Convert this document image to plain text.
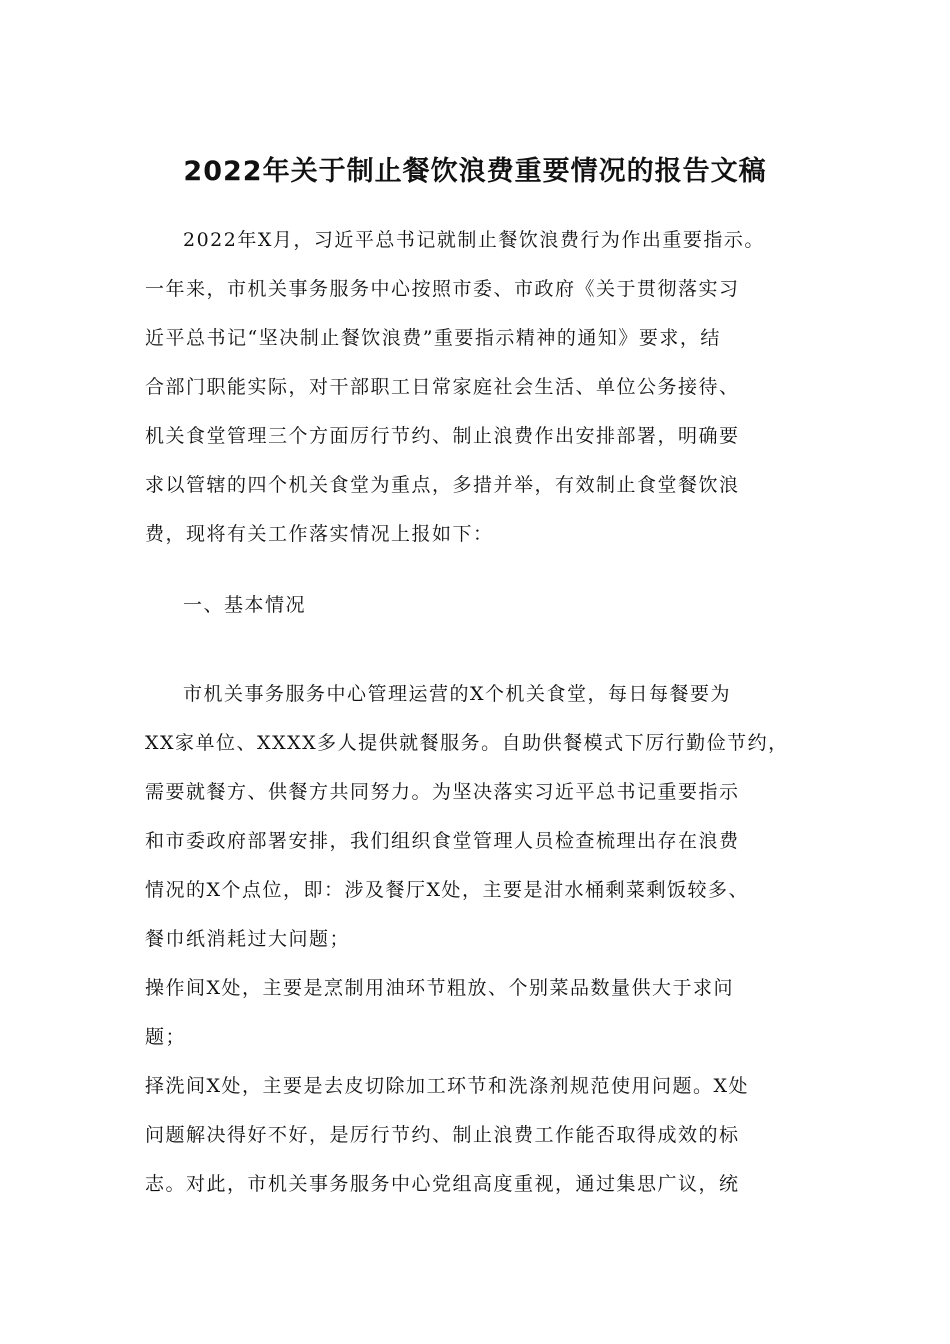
2022年关于制止餐饮浪费重要情况的报告文稿
2022年X月，习近平总书记就制止餐饮浪费行为作出重要指示。
一年来，市机关事务服务中心按照市委、市政府《关于贯彻落实习
近平总书记“坚决制止餐饮浪费”重要指示精神的通知》要求，结
合部门职能实际，对干部职工日常家庭社会生活、单位公务接待、
机关食堂管理三个方面厉行节约、制止浪费作出安排部署，明确要
求以管辖的四个机关食堂为重点，多措并举，有效制止食堂餐饮浪
费，现将有关工作落实情况上报如下：
一、基本情况
市机关事务服务中心管理运营的X个机关食堂，每日每餐要为
XX家单位、XXXX多人提供就餐服务。自助供餐模式下厉行勤俭节约，
需要就餐方、供餐方共同努力。为坚决落实习近平总书记重要指示
和市委政府部署安排，我们组织食堂管理人员检查梳理出存在浪费
情况的X个点位，即：涉及餐厅X处，主要是泔水桶剩菜剩饭较多、
餐巾纸消耗过大问题；
操作间X处，主要是烹制用油环节粗放、个别菜品数量供大于求问
题；
择洗间X处，主要是去皮切除加工环节和洗涤剂规范使用问题。X处
问题解决得好不好，是厉行节约、制止浪费工作能否取得成效的标
志。对此，市机关事务服务中心党组高度重视，通过集思广议，统
